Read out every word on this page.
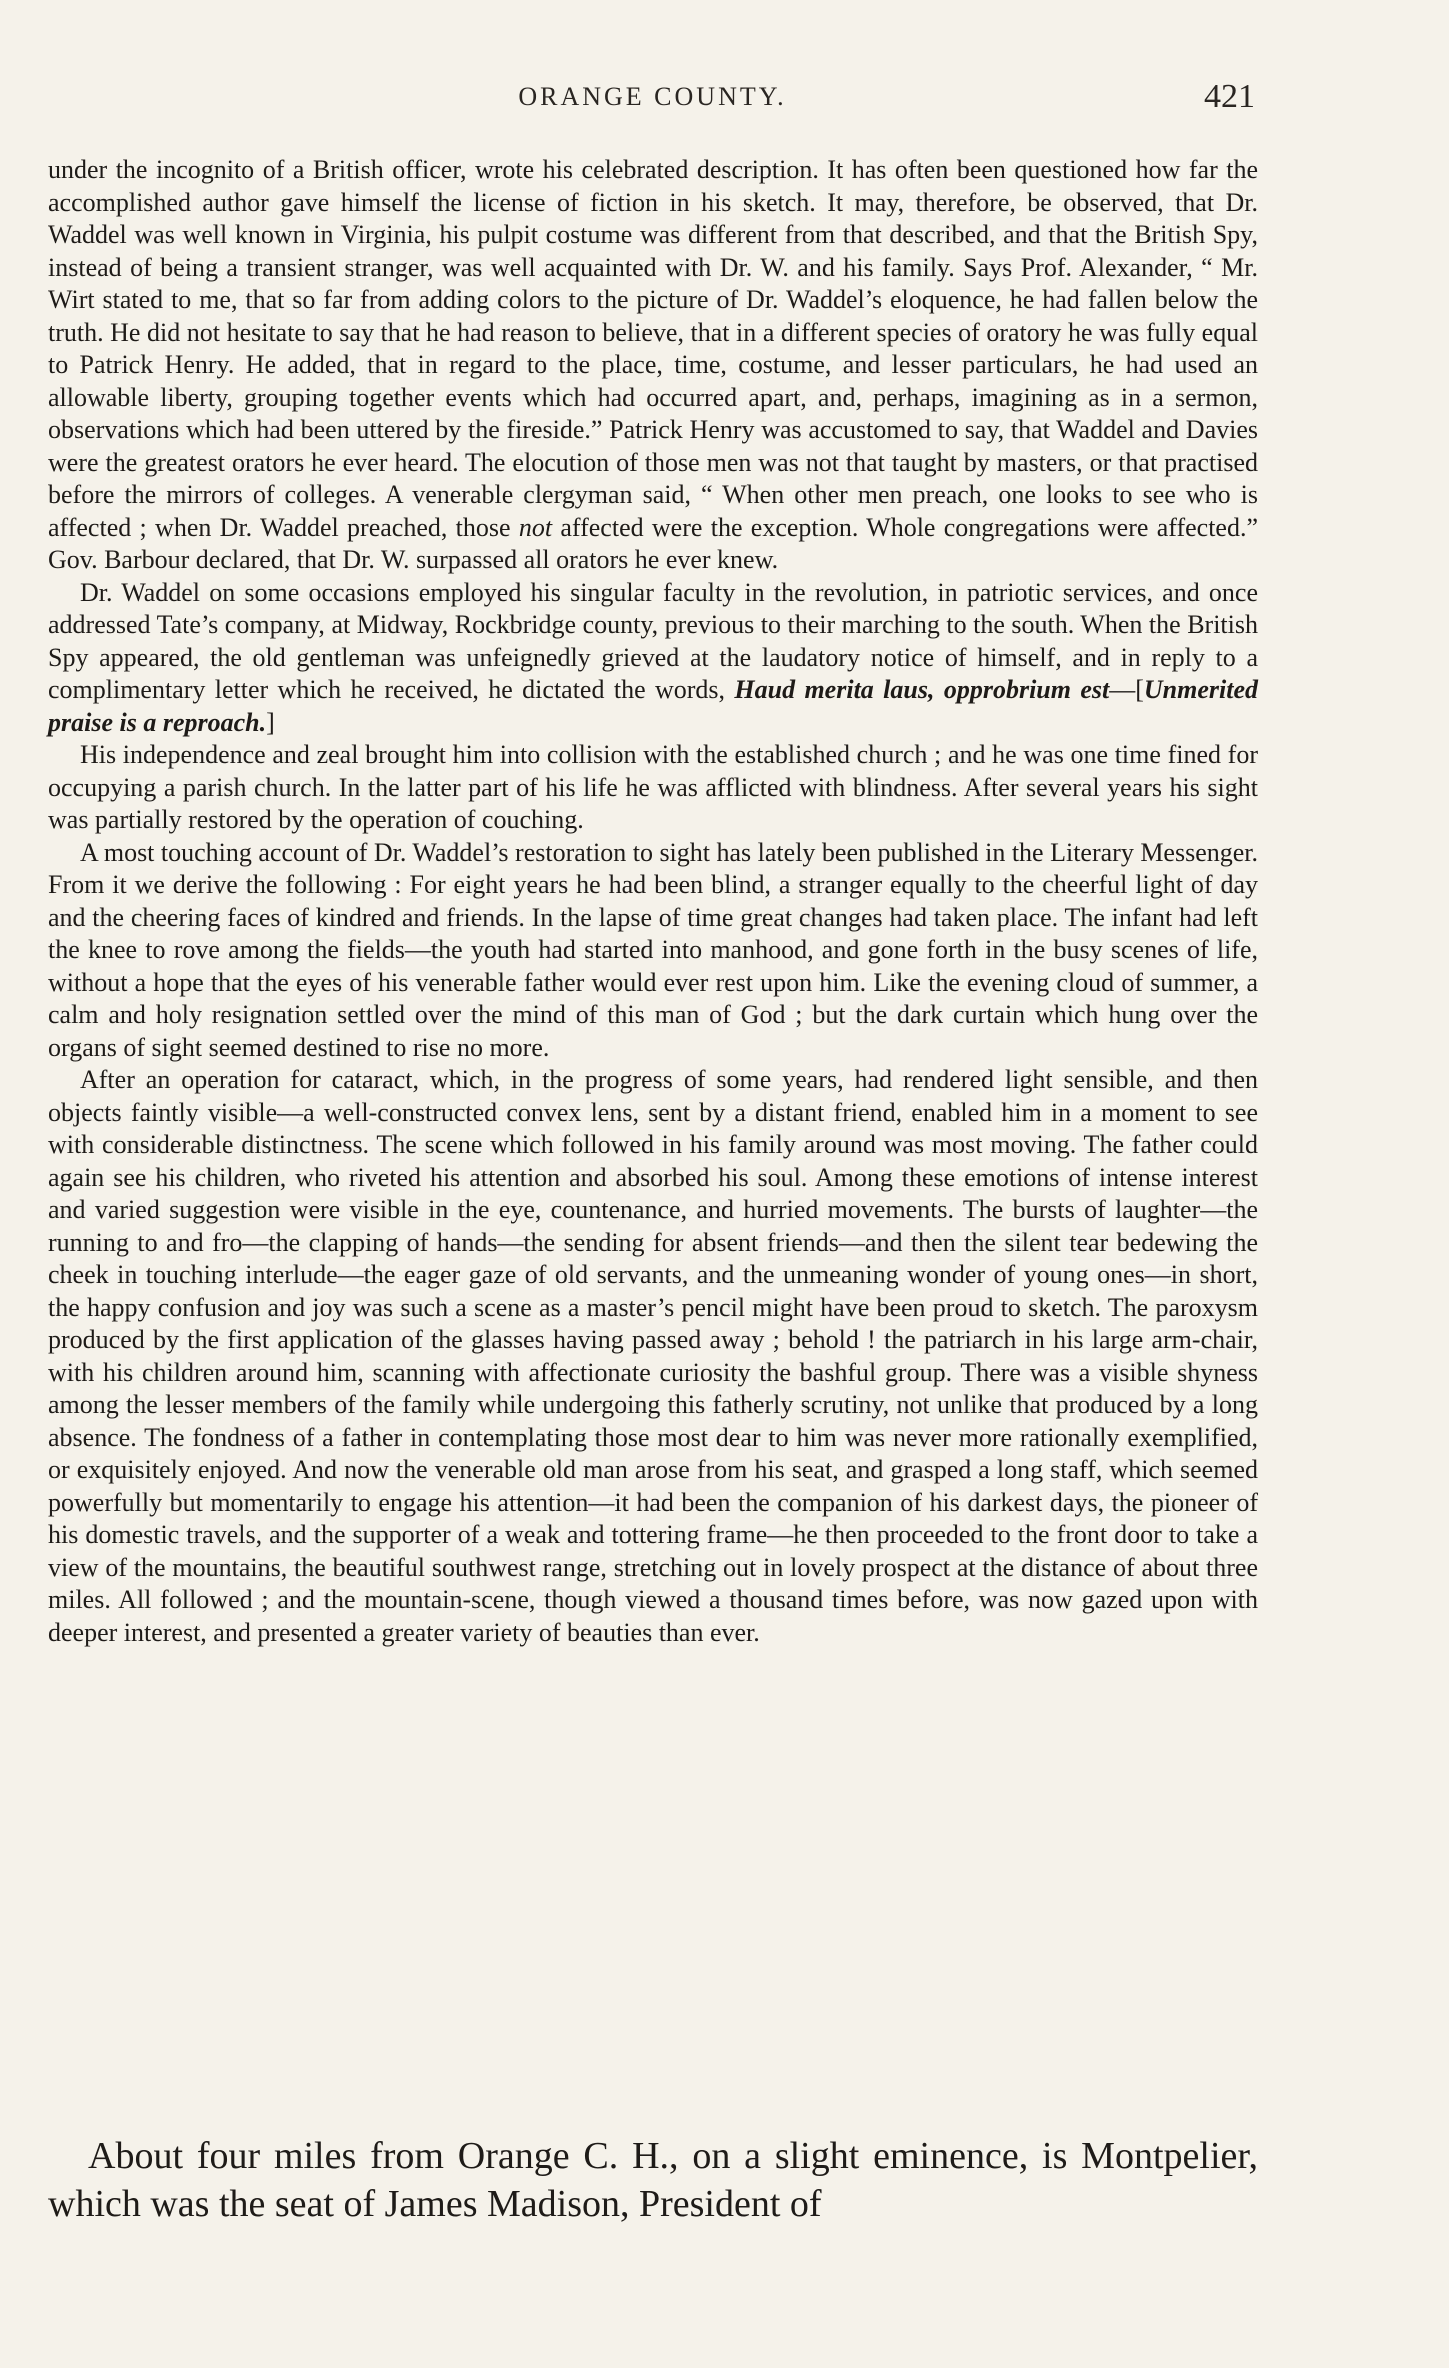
ORANGE COUNTY.	421

under the incognito of a British officer, wrote his celebrated description. It has often been questioned how far the accomplished author gave himself the license of fiction in his sketch. It may, therefore, be observed, that Dr. Waddel was well known in Virginia, his pulpit costume was different from that described, and that the British Spy, instead of being a transient stranger, was well acquainted with Dr. W. and his family. Says Prof. Alexander, “ Mr. Wirt stated to me, that so far from adding colors to the picture of Dr. Waddel’s eloquence, he had fallen below the truth. He did not hesitate to say that he had reason to believe, that in a different species of oratory he was fully equal to Patrick Henry. He added, that in regard to the place, time, costume, and lesser particulars, he had used an allowable liberty, grouping together events which had occurred apart, and, perhaps, imagining as in a sermon, observations which had been uttered by the fireside.” Patrick Henry was accustomed to say, that Waddel and Davies were the greatest orators he ever heard. The elocution of those men was not that taught by masters, or that practised before the mirrors of colleges. A venerable clergyman said, “ When other men preach, one looks to see who is affected ; when Dr. Waddel preached, those not affected were the exception. Whole congregations were affected.” Gov. Barbour declared, that Dr. W. surpassed all orators he ever knew.

Dr. Waddel on some occasions employed his singular faculty in the revolution, in patriotic services, and once addressed Tate’s company, at Midway, Rockbridge county, previous to their marching to the south. When the British Spy appeared, the old gentleman was unfeignedly grieved at the laudatory notice of himself, and in reply to a complimentary letter which he received, he dictated the words, Haud merita laus, opprobrium est—[Unmerited praise is a reproach.]

His independence and zeal brought him into collision with the established church ; and he was one time fined for occupying a parish church. In the latter part of his life he was afflicted with blindness. After several years his sight was partially restored by the operation of couching.

A most touching account of Dr. Waddel’s restoration to sight has lately been published in the Literary Messenger. From it we derive the following : For eight years he had been blind, a stranger equally to the cheerful light of day and the cheering faces of kindred and friends. In the lapse of time great changes had taken place. The infant had left the knee to rove among the fields—the youth had started into manhood, and gone forth in the busy scenes of life, without a hope that the eyes of his venerable father would ever rest upon him. Like the evening cloud of summer, a calm and holy resignation settled over the mind of this man of God ; but the dark curtain which hung over the organs of sight seemed destined to rise no more.

After an operation for cataract, which, in the progress of some years, had rendered light sensible, and then objects faintly visible—a well-constructed convex lens, sent by a distant friend, enabled him in a moment to see with considerable distinctness. The scene which followed in his family around was most moving. The father could again see his children, who riveted his attention and absorbed his soul. Among these emotions of intense interest and varied suggestion were visible in the eye, countenance, and hurried movements. The bursts of laughter—the running to and fro—the clapping of hands—the sending for absent friends—and then the silent tear bedewing the cheek in touching interlude—the eager gaze of old servants, and the unmeaning wonder of young ones—in short, the happy confusion and joy was such a scene as a master’s pencil might have been proud to sketch. The paroxysm produced by the first application of the glasses having passed away ; behold ! the patriarch in his large arm-chair, with his children around him, scanning with affectionate curiosity the bashful group. There was a visible shyness among the lesser members of the family while undergoing this fatherly scrutiny, not unlike that produced by a long absence. The fondness of a father in contemplating those most dear to him was never more rationally exemplified, or exquisitely enjoyed. And now the venerable old man arose from his seat, and grasped a long staff, which seemed powerfully but momentarily to engage his attention—it had been the companion of his darkest days, the pioneer of his domestic travels, and the supporter of a weak and tottering frame—he then proceeded to the front door to take a view of the mountains, the beautiful southwest range, stretching out in lovely prospect at the distance of about three miles. All followed ; and the mountain-scene, though viewed a thousand times before, was now gazed upon with deeper interest, and presented a greater variety of beauties than ever.

About four miles from Orange C. H., on a slight eminence, is Montpelier, which was the seat of James Madison, President of
